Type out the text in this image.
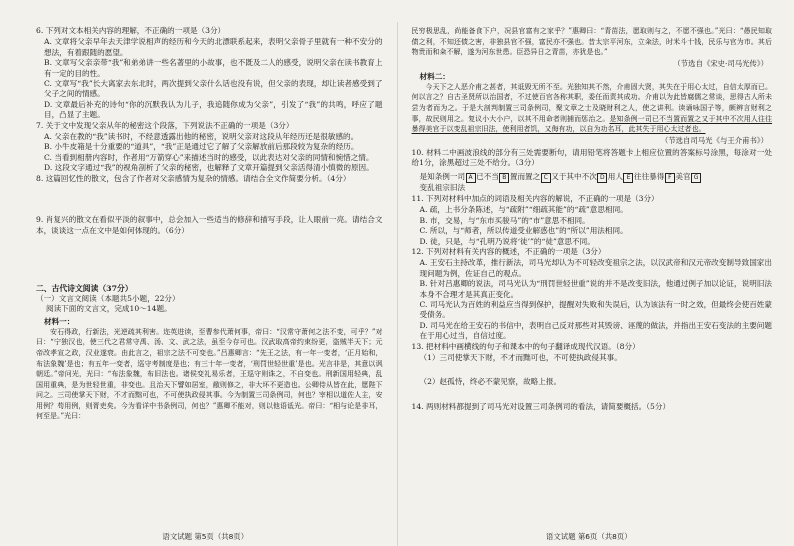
6. 下列对文本相关内容的理解，不正确的一项是（3分）

A. 文章将父亲早年去天津学说相声的经历和今天的北漂联系起来，表明父亲骨子里就有一种不安分的想法，有着跟随的愿望。

B. 文章写父亲亲带“我”和弟弟讲一些名著里的小故事，也不既及二人的感受，说明父亲在读书教育上有一定的目的性。

C. 文章写“我”长大离家去东北时，两次提到父亲什么话也没有说，但父亲的表现，却让读者感受到了父子之间的情感。

D. 文章最后补充的诗句“你的沉默我认为儿子，我追随你成为父亲”，引发了“我”的共鸣，呼应了题目，凸显了主题。

7. 关于文中发现父亲从年的秘密这个段落，下列说法不正确的一项是（3分）

A. 父亲在教的“我”读书时，不经意透露出他的秘密，说明父亲对这段从年经历还是很敏感的。

B. 小牛皮箱是十分重要的“道具”，“我”正是通过它了解了父亲解放前后那段较为复杂的经历。

C. 当看到相册内容时，作者用“万箭穿心”来描述当时的感受，以此表达对父亲的同情和惋惜之情。

D. 这段文字通过“我”的视角剖析了父亲的秘密，也解释了文章开篇提到父亲活得清小慎微的原因。

8. 这篇回忆性的散文，包含了作者对父亲感情为复杂的情感。请结合全文作简要分析。（4分）

9. 肖复兴的散文在看似平淡的叙事中，总会加入一些适当的修辞和描写手段，让人眼前一亮。请结合文本，谈谈这一点在文中是如何体现的。（6分）

二、古代诗文阅读（37分）

（一）文言文阅读（本题共5小题，22分）

阅读下面的文言文，完成10～14题。

材料一：

安石得政，行新法，光逆疏其利害。迩英进读，至曹参代萧何事，帝曰：“汉常守萧何之法不变，可乎？”对曰：“宁独汉也，使三代之君常守禹、汤、文、武之法，虽至今存可也。汉武取高帝约束纷更，盗贼半天下；元帝改孝宣之政，汉业遂衰。由此言之，祖宗之法不可变也。”吕惠卿言：“先王之法，有一年一变者，‘正月始和，布法象魏’是也；有五年一变者，巡守考制度是也；有三十年一变者，‘刑罚世轻世重’是也。光言非是，其意以讽朝廷。”帝问光，光曰：“布法象魏，布旧法也。诸侯变礼易乐者，王巡守则诛之，不自变也。刑新国用轻典，乱国用重典，是为世轻世重，非变也。且治天下譬如居室，敝则修之，非大坏不更造也。公卿侍从皆在此，愿陛下问之。三司使掌天下财，不才而黜可也，不可使执政侵其事。今为制置三司条例司，何也？宰相以道佐人主，安用例？苟用例，则胥吏矣。今为看详中书条例司，何也？”惠卿不能对，则以他语诋光。帝曰：“相与论是非耳，何至是。”光曰：

语文试题 第5页（共8页）

民穷极思乱，尚能备食下户，况县官富有之家乎？”惠卿曰：“青苗法，愿取则与之，不愿不强也。”光曰：“愚民知取债之利，不知还债之害，非独县官不强，富民亦不强也。昔太宗平河东，立籴法，时米斗十钱，民乐与官为市。其后物贵而和籴不解，遂为河东世患。臣恐异日之青苗，亦犹是也。”

（节选自《宋史·司马光传》）

材料二：

今天下之人恶介甫之甚者，其诋毁无所不至。光独知其不然，介甫固大贤，其失在于用心太过，自信太厚而已。何以言之？自古圣贤所以治国者，不过使百官各称其职，委任而责其成功。介甫以为此皆腐儒之常谈，思得古人所未尝为者而为之。于是大剖判制置三司条例司，聚文章之士及晓财利之人，使之讲利。读诵咏国子等，颇辨言财利之事，故民则用之。复议小大小户，以其不用命者则捕而惩治之。是知条例一司已不当置而置之又于其中不次用人往往暴得美官于以变乱祖宗旧法，使利用者饥，又侮有功，以自为功名耳，此其失于用心太过者也。

（节选自司马光《与王介甫书》）

10. 材料二中画波浪线的部分有三处需要断句，请用铅笔将答题卡上相应位置的答案标号涂黑，每涂对一处给1分，涂黑超过三处不给分。（3分）

是知条例一司 A 已不当 B 置而置之 C 又于其中不次 D 用人 E 往往暴得 F 美官 G

变乱祖宗旧法

11. 下列对材料中加点的词语及相关内容的解说，不正确的一项是（3分）

A. 疏，上书分条陈述，与“疏附”“细疏其能”的“疏”意思相同。

B. 市，交易，与“东市买骏马”的“市”意思不相同。

C. 所以，与“师者，所以传道受业解惑也”的“所以”用法相同。

D. 徒，只是，与“孔明乃说将‘徒’”的“徒”意思不同。

12. 下列对材料有关内容的概述，不正确的一项是（3分）

A. 王安石主持改革，推行新法，司马光却认为不可轻改变祖宗之法，以汉武帝和汉元帝改变制导致国家出现问题为例，佐证自己的观点。

B. 针对吕惠卿的说法，司马光认为“刑罚世轻世重”说的并不是改变旧法，他通过例子加以论证，说明旧法本身不合理才是其真正变化。

C. 司马光认为百姓的利益应当得到保护，提醒对失败和失误后，认为该法有一时之效，但最终会使百姓蒙受债务。

D. 司马光在给王安石的书信中，表明自己反对那些对其毁谤、诬蔑的做法，并指出王安石变法的主要问题在于用心过当，自信过度。

13. 把材料中画横线的句子和课本中的句子翻译成现代汉语。（8分）

（1）三司使掌天下财，不才而黜可也，不可使执政侵其事。

（2）赵孤恃，终必不蒙见察，故略上报。

14. 两则材料都提到了司马光对设置三司条例司的看法，请简要概括。（5分）

语文试题 第6页（共8页）
